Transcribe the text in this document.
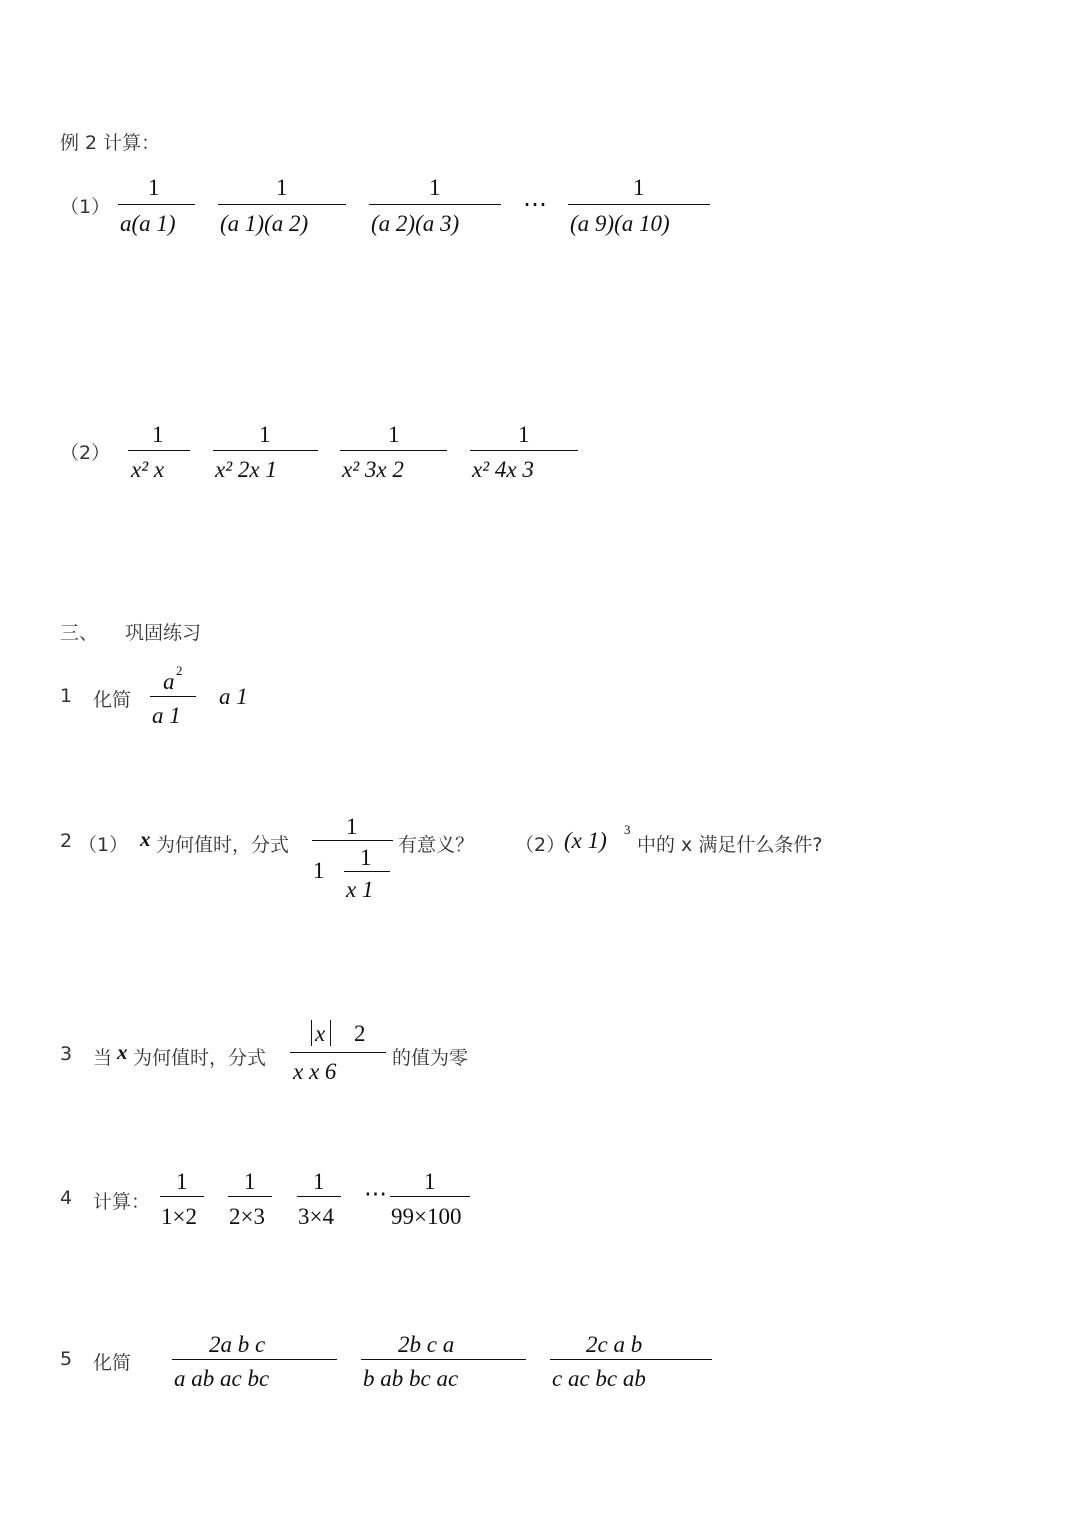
例 2 计算：
（1）
1
a(a 1)
1
(a 1)(a 2)
1
(a 2)(a 3)
⋯
1
(a 9)(a 10)
（2）
1
x² x
1
x² 2x 1
1
x² 3x 2
1
x² 4x 3
三、 巩固练习
1 化简
a 2
a 1
a 1
2 （1） x 为何值时，分式
1
1
1
x 1
有意义？ （2）
(x 1) 3
中的 x 满足什么条件?
3 当 x 为何值时，分式
x 2
x x 6
的值为零
4 计算：
1
1×2
1
2×3
1
3×4
⋯ 1
99×100
5 化简
2a b c
a ab ac bc
2b c a
b ab bc ac
2c a b
c ac bc ab
